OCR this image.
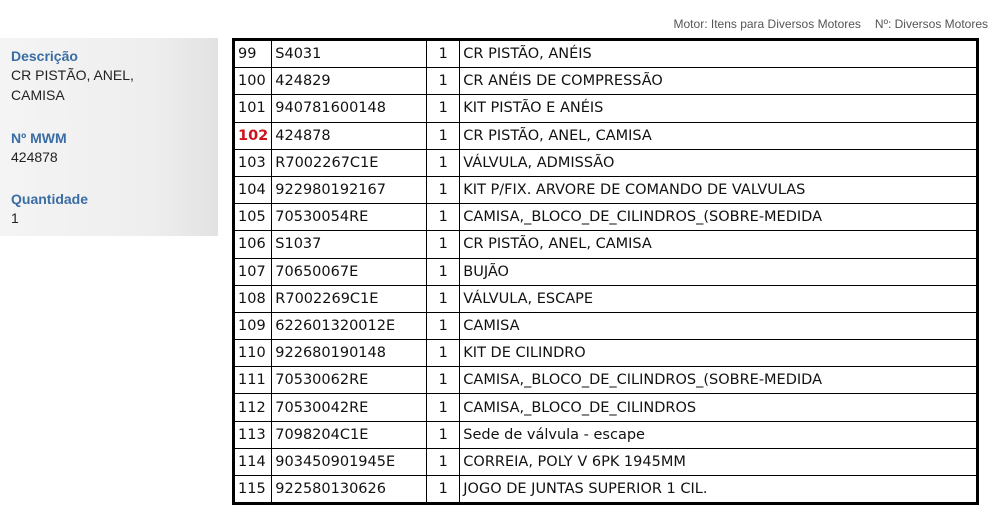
Motor: Itens para Diversos Motores Nº: Diversos Motores
Descrição
CR PISTÃO, ANEL, CAMISA
Nº MWM
424878
Quantidade
1
99	S4031	1	CR PISTÃO, ANÉIS
100	424829	1	CR ANÉIS DE COMPRESSÃO
101	940781600148	1	KIT PISTÃO E ANÉIS
102	424878	1	CR PISTÃO, ANEL, CAMISA
103	R7002267C1E	1	VÁLVULA, ADMISSÃO
104	922980192167	1	KIT P/FIX. ARVORE DE COMANDO DE VALVULAS
105	70530054RE	1	CAMISA,_BLOCO_DE_CILINDROS_(SOBRE-MEDIDA
106	S1037	1	CR PISTÃO, ANEL, CAMISA
107	70650067E	1	BUJÃO
108	R7002269C1E	1	VÁLVULA, ESCAPE
109	622601320012E	1	CAMISA
110	922680190148	1	KIT DE CILINDRO
111	70530062RE	1	CAMISA,_BLOCO_DE_CILINDROS_(SOBRE-MEDIDA
112	70530042RE	1	CAMISA,_BLOCO_DE_CILINDROS
113	7098204C1E	1	Sede de válvula - escape
114	903450901945E	1	CORREIA, POLY V 6PK 1945MM
115	922580130626	1	JOGO DE JUNTAS SUPERIOR 1 CIL.
